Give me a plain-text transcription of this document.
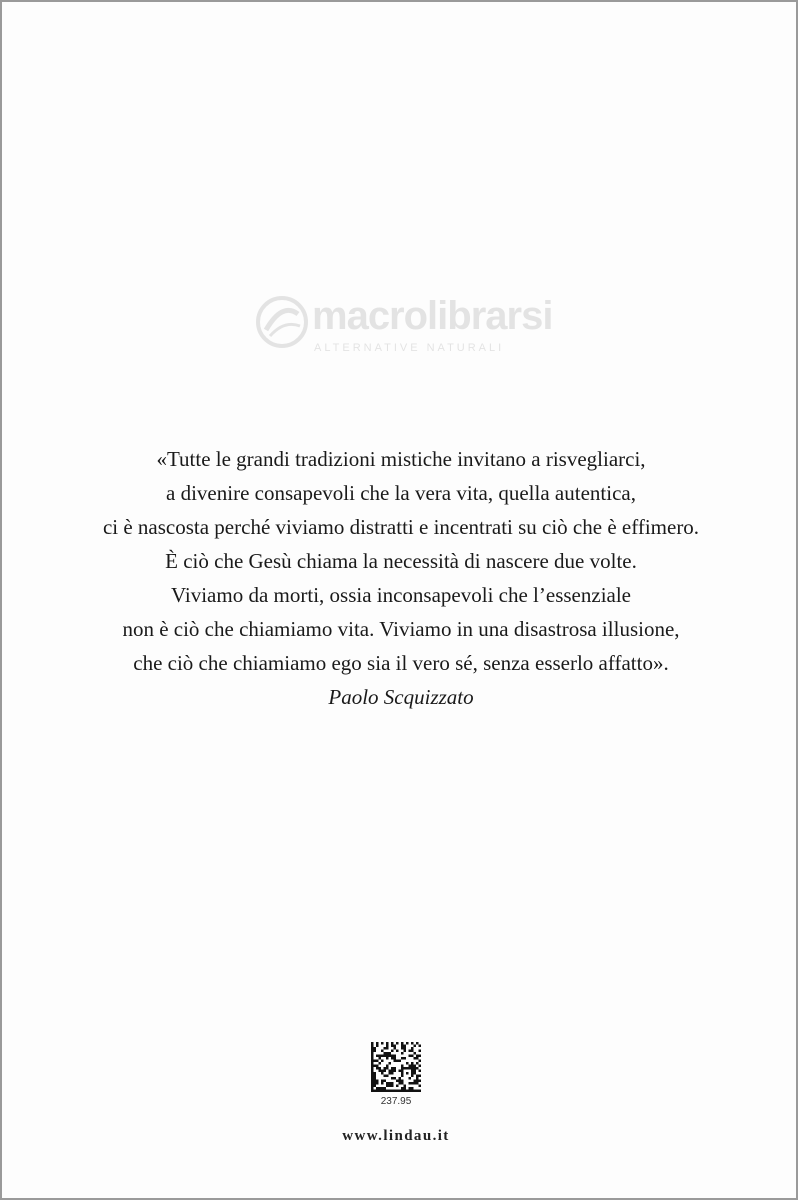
macrolibrarsi
ALTERNATIVE NATURALI
«Tutte le grandi tradizioni mistiche invitano a risvegliarci,
a divenire consapevoli che la vera vita, quella autentica,
ci è nascosta perché viviamo distratti e incentrati su ciò che è effimero.
È ciò che Gesù chiama la necessità di nascere due volte.
Viviamo da morti, ossia inconsapevoli che l’essenziale
non è ciò che chiamiamo vita. Viviamo in una disastrosa illusione,
che ciò che chiamiamo ego sia il vero sé, senza esserlo affatto».
Paolo Scquizzato
237.95
www.lindau.it
